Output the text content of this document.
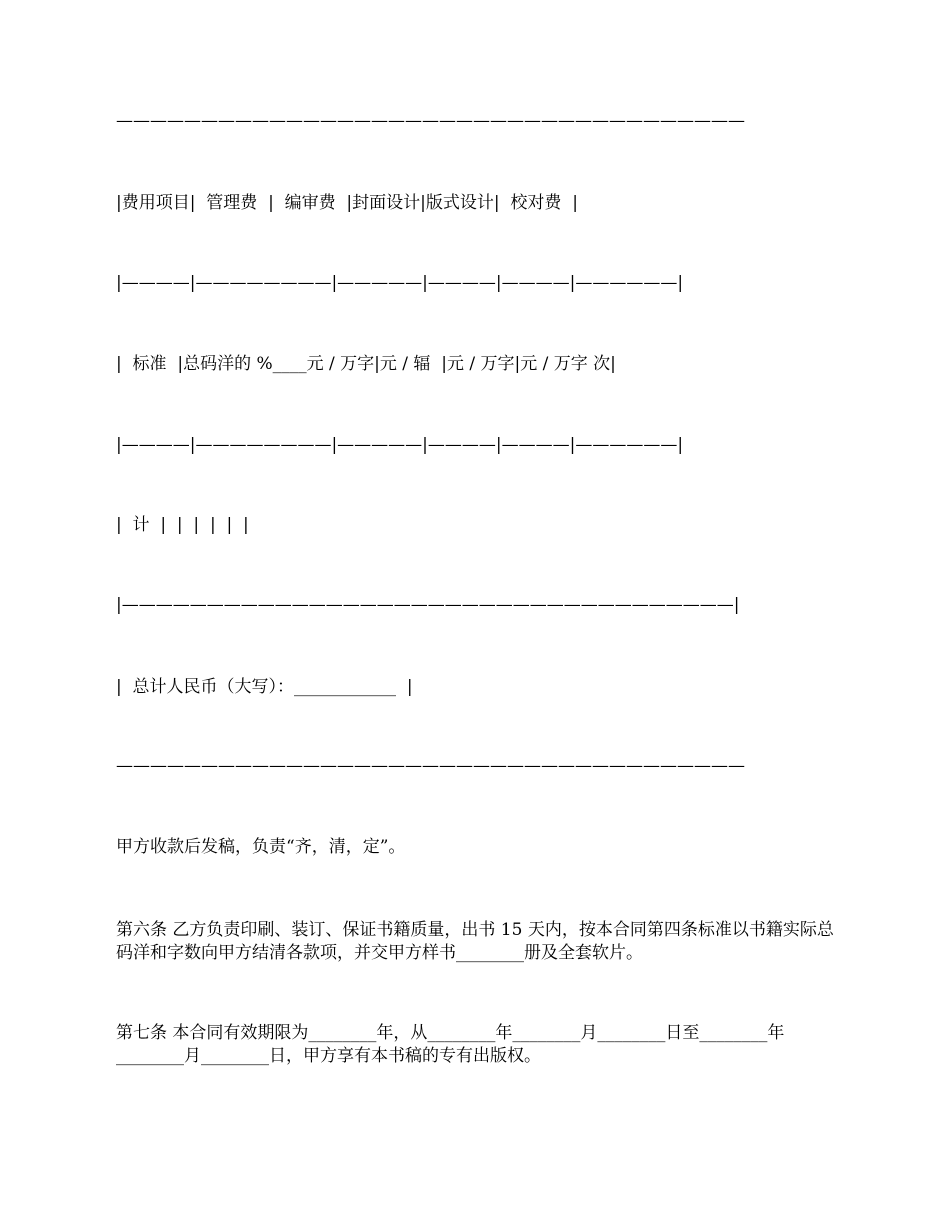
—————————————————————————————————————
|费用项目|  管理费  |  编审费  |封面设计|版式设计|  校对费  |
|————|————————|—————|————|————|——————|
|  标准  |总码洋的 %____元 / 万字|元 / 辐  |元 / 万字|元 / 万字 次|
|————|————————|—————|————|————|——————|
|  计  |  |  |  |  |  |
|————————————————————————————————————|
|  总计人民币（大写）：____________  |
—————————————————————————————————————

甲方收款后发稿，负责“齐，清，定”。

第六条 乙方负责印刷、装订、保证书籍质量，出书 15 天内，按本合同第四条标准以书籍实际总码洋和字数向甲方结清各款项，并交甲方样书________册及全套软片。

第七条 本合同有效期限为________年，从________年________月________日至________年________月________日，甲方享有本书稿的专有出版权。
